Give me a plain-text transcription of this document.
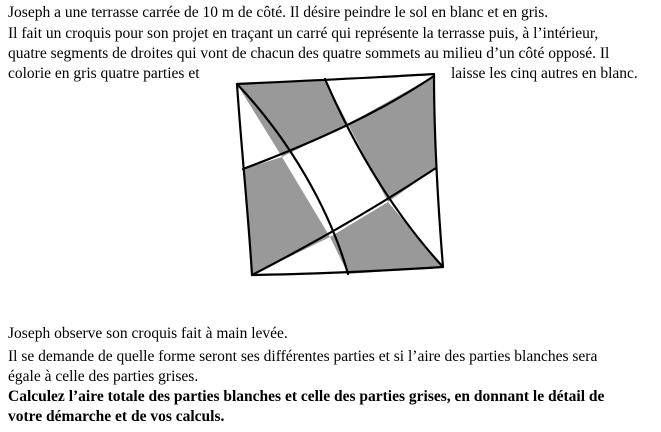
Joseph a une terrasse carrée de 10 m de côté. Il désire peindre le sol en blanc et en gris.
Il fait un croquis pour son projet en traçant un carré qui représente la terrasse puis, à l’intérieur,
quatre segments de droites qui vont de chacun des quatre sommets au milieu d’un côté opposé. Il
colorie en gris quatre parties et	laisse les cinq autres en blanc.
Joseph observe son croquis fait à main levée.
Il se demande de quelle forme seront ses différentes parties et si l’aire des parties blanches sera
égale à celle des parties grises.
Calculez l’aire totale des parties blanches et celle des parties grises, en donnant le détail de
votre démarche et de vos calculs.
